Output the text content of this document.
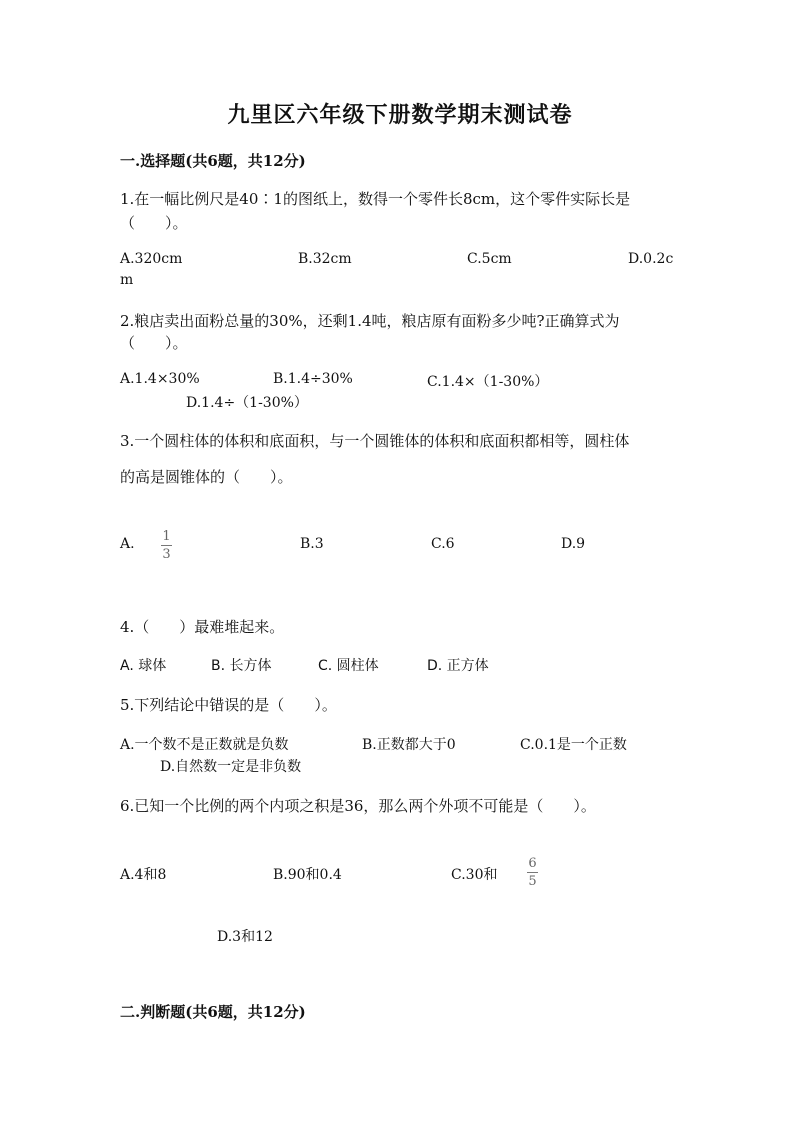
九里区六年级下册数学期末测试卷
一.选择题(共6题，共12分)
1.在一幅比例尺是40∶1的图纸上，数得一个零件长8cm，这个零件实际长是
（　　）。
A.320cm	B.32cm	C.5cm	D.0.2c
m
2.粮店卖出面粉总量的30%，还剩1.4吨，粮店原有面粉多少吨?正确算式为
（　　）。
A.1.4×30%	B.1.4÷30%	C.1.4×（1-30%）
D.1.4÷（1-30%）
3.一个圆柱体的体积和底面积，与一个圆锥体的体积和底面积都相等，圆柱体
的高是圆锥体的（　　）。
A. 1
3
B.3	C.6	D.9
4.（　　）最难堆起来。
A. 球体	B. 长方体	C. 圆柱体	D. 正方体
5.下列结论中错误的是（　　）。
A.一个数不是正数就是负数	B.正数都大于0	C.0.1是一个正数
D.自然数一定是非负数
6.已知一个比例的两个内项之积是36，那么两个外项不可能是（　　）。
A.4和8	B.90和0.4	C.30和
6
5
D.3和12
二.判断题(共6题，共12分)
